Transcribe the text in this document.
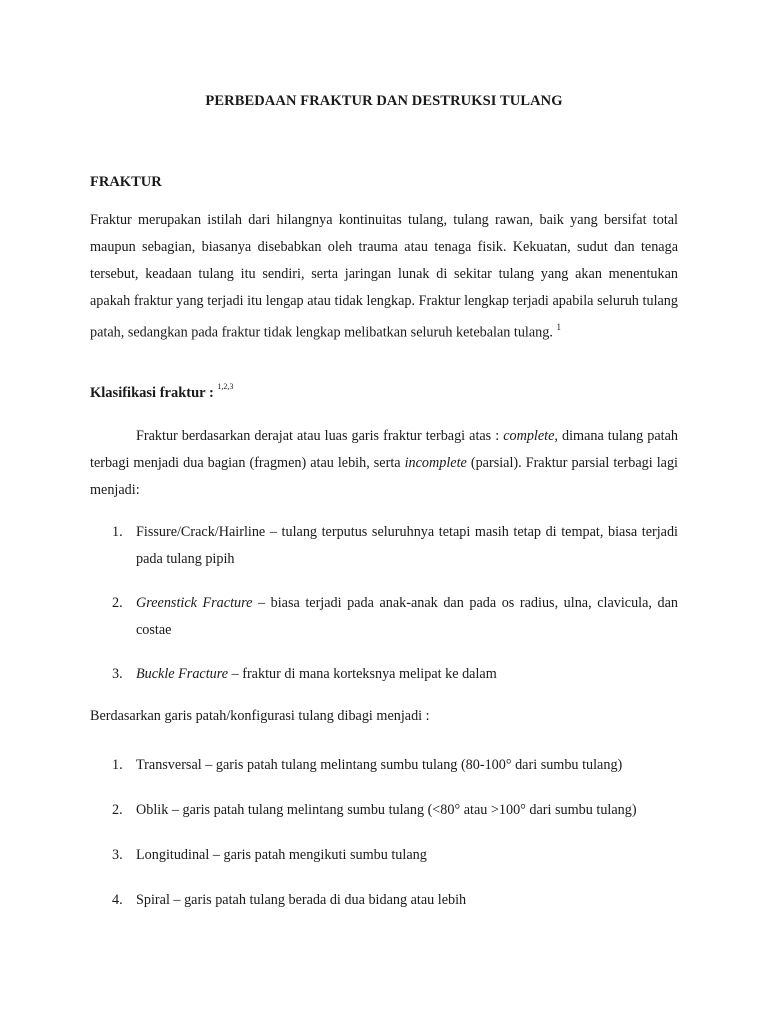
PERBEDAAN FRAKTUR DAN DESTRUKSI TULANG
FRAKTUR
Fraktur merupakan istilah dari hilangnya kontinuitas tulang, tulang rawan, baik yang bersifat total maupun sebagian, biasanya disebabkan oleh trauma atau tenaga fisik. Kekuatan, sudut dan tenaga tersebut, keadaan tulang itu sendiri, serta jaringan lunak di sekitar tulang yang akan menentukan apakah fraktur yang terjadi itu lengap atau tidak lengkap. Fraktur lengkap terjadi apabila seluruh tulang patah, sedangkan pada fraktur tidak lengkap melibatkan seluruh ketebalan tulang. $^1$
Klasifikasi fraktur : $^{1,2,3}$
Fraktur berdasarkan derajat atau luas garis fraktur terbagi atas : complete, dimana tulang patah terbagi menjadi dua bagian (fragmen) atau lebih, serta incomplete (parsial). Fraktur parsial terbagi lagi menjadi:
1. Fissure/Crack/Hairline – tulang terputus seluruhnya tetapi masih tetap di tempat, biasa terjadi pada tulang pipih
2. Greenstick Fracture – biasa terjadi pada anak-anak dan pada os radius, ulna, clavicula, dan costae
3. Buckle Fracture – fraktur di mana korteksnya melipat ke dalam
Berdasarkan garis patah/konfigurasi tulang dibagi menjadi :
1. Transversal – garis patah tulang melintang sumbu tulang (80-100° dari sumbu tulang)
2. Oblik – garis patah tulang melintang sumbu tulang (<80° atau >100° dari sumbu tulang)
3. Longitudinal – garis patah mengikuti sumbu tulang
4. Spiral – garis patah tulang berada di dua bidang atau lebih
